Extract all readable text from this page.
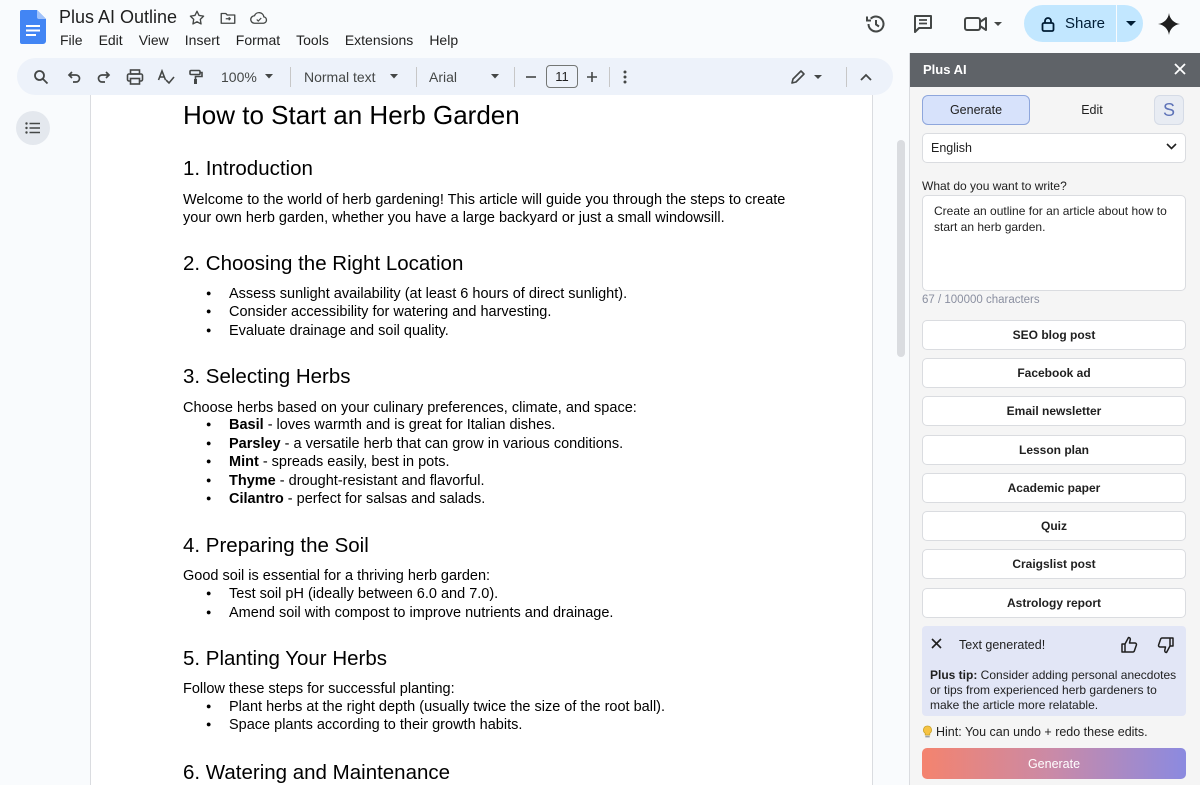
Plus AI Outline
File	Edit	View	Insert	Format	Tools	Extensions	Help
Share
100%	Normal text	Arial	11
How to Start an Herb Garden
1. Introduction
Welcome to the world of herb gardening! This article will guide you through the steps to create
your own herb garden, whether you have a large backyard or just a small windowsill.
2. Choosing the Right Location
● Assess sunlight availability (at least 6 hours of direct sunlight).
● Consider accessibility for watering and harvesting.
● Evaluate drainage and soil quality.
3. Selecting Herbs
Choose herbs based on your culinary preferences, climate, and space:
● Basil - loves warmth and is great for Italian dishes.
● Parsley - a versatile herb that can grow in various conditions.
● Mint - spreads easily, best in pots.
● Thyme - drought-resistant and flavorful.
● Cilantro - perfect for salsas and salads.
4. Preparing the Soil
Good soil is essential for a thriving herb garden:
● Test soil pH (ideally between 6.0 and 7.0).
● Amend soil with compost to improve nutrients and drainage.
5. Planting Your Herbs
Follow these steps for successful planting:
● Plant herbs at the right depth (usually twice the size of the root ball).
● Space plants according to their growth habits.
6. Watering and Maintenance
Plus AI
Generate	Edit	S
English
What do you want to write?
Create an outline for an article about how to start an herb garden.
67 / 100000 characters
SEO blog post
Facebook ad
Email newsletter
Lesson plan
Academic paper
Quiz
Craigslist post
Astrology report
Text generated!
Plus tip: Consider adding personal anecdotes or tips from experienced herb gardeners to make the article more relatable.
Hint: You can undo + redo these edits.
Generate
